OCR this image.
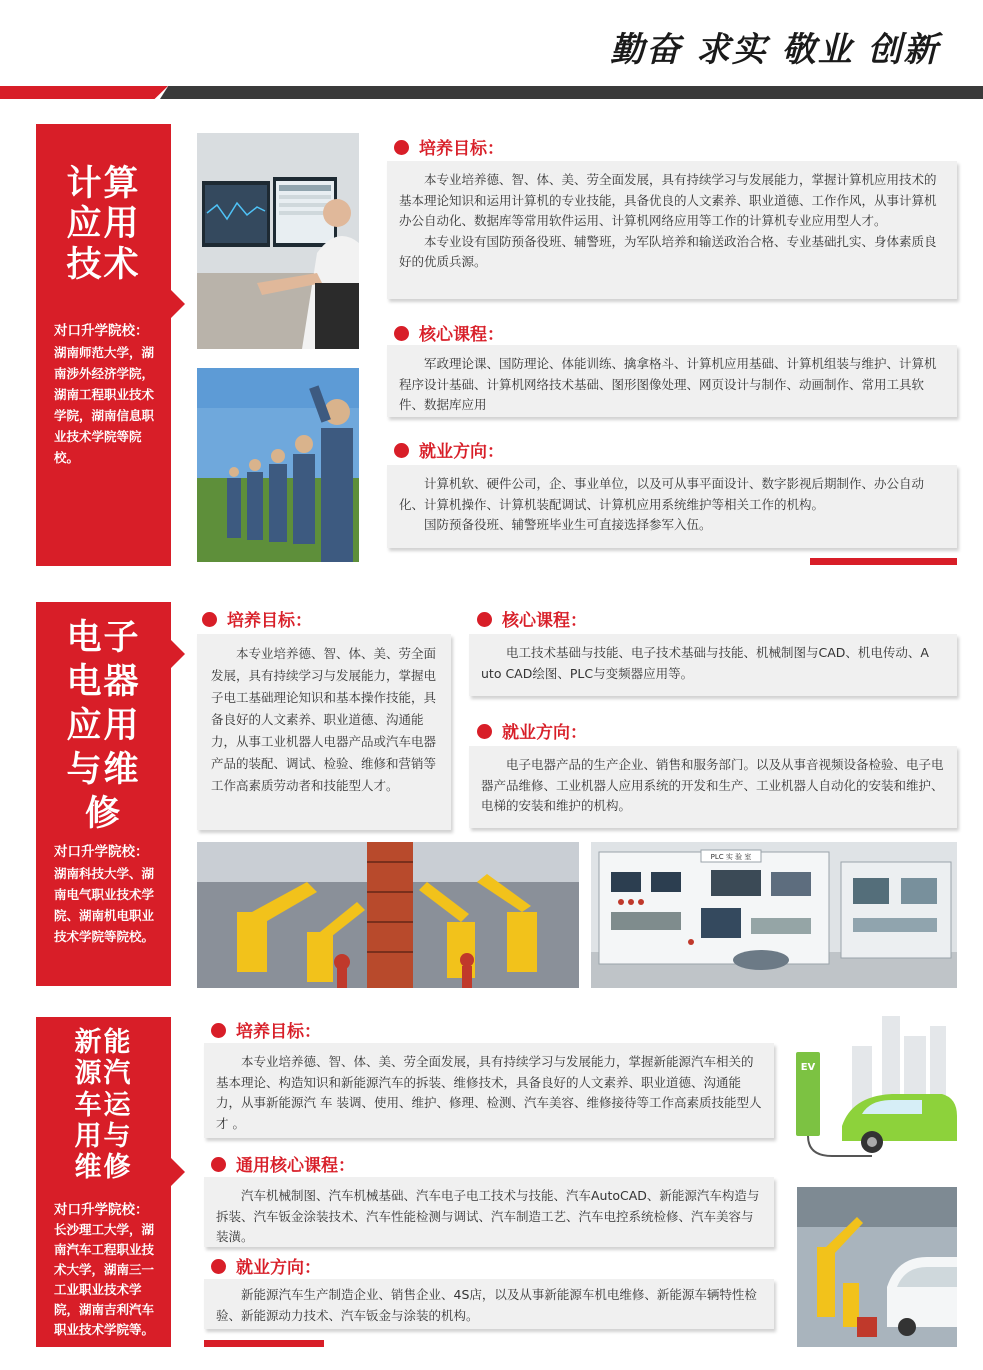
勤奋 求实 敬业 创新
计算
应用
技术
对口升学院校：
湖南师范大学，湖南涉外经济学院，湖南工程职业技术学院，湖南信息职业技术学院等院校。
培养目标：

本专业培养德、智、体、美、劳全面发展，具有持续学习与发展能力，掌握计算机应用技术的基本理论知识和运用计算机的专业技能，具备优良的人文素养、职业道德、工作作风，从事计算机办公自动化、数据库等常用软件运用、计算机网络应用等工作的计算机专业应用型人才。

本专业设有国防预备役班、辅警班，为军队培养和输送政治合格、专业基础扎实、身体素质良好的优质兵源。

核心课程：

军政理论课、国防理论、体能训练、擒拿格斗、计算机应用基础、计算机组装与维护、计算机程序设计基础、计算机网络技术基础、图形图像处理、网页设计与制作、动画制作、常用工具软件、数据库应用

就业方向：

计算机软、硬件公司，企、事业单位，以及可从事平面设计、数字影视后期制作、办公自动化、计算机操作、计算机装配调试、计算机应用系统维护等相关工作的机构。

国防预备役班、辅警班毕业生可直接选择参军入伍。

电子
电器
应用
与维
修
对口升学院校：
湖南科技大学、湖南电气职业技术学院、湖南机电职业技术学院等院校。
培养目标：

本专业培养德、智、体、美、劳全面发展，具有持续学习与发展能力，掌握电子电工基础理论知识和基本操作技能，具备良好的人文素养、职业道德、沟通能力，从事工业机器人电器产品或汽车电器产品的装配、调试、检验、维修和营销等工作高素质劳动者和技能型人才。

核心课程：

电工技术基础与技能、电子技术基础与技能、机械制图与CAD、机电传动、A uto CAD绘图、PLC与变频器应用等。

就业方向：

电子电器产品的生产企业、销售和服务部门。以及从事音视频设备检验、电子电器产品维修、工业机器人应用系统的开发和生产、工业机器人自动化的安装和维护、电梯的安装和维护的机构。

PLC 实 验 室
新能
源汽
车运
用与
维修
对口升学院校：
长沙理工大学，湖南汽车工程职业技术大学，湖南三一工业职业技术学院，湖南吉利汽车职业技术学院等。
培养目标：

本专业培养德、智、体、美、劳全面发展，具有持续学习与发展能力，掌握新能源汽车相关的基本理论、构造知识和新能源汽车的拆装、维修技术，具备良好的人文素养、职业道德、沟通能力，从事新能源汽 车 装调、使用、维护、修理、检测、汽车美容、维修接待等工作高素质技能型人才 。

通用核心课程：

汽车机械制图、汽车机械基础、汽车电子电工技术与技能、汽车AutoCAD、新能源汽车构造与拆装、汽车钣金涂装技术、汽车性能检测与调试、汽车制造工艺、汽车电控系统检修、汽车美容与装潢。

就业方向：

新能源汽车生产制造企业、销售企业、4S店，以及从事新能源车机电维修、新能源车辆特性检验、新能源动力技术、汽车钣金与涂装的机构。

EV
